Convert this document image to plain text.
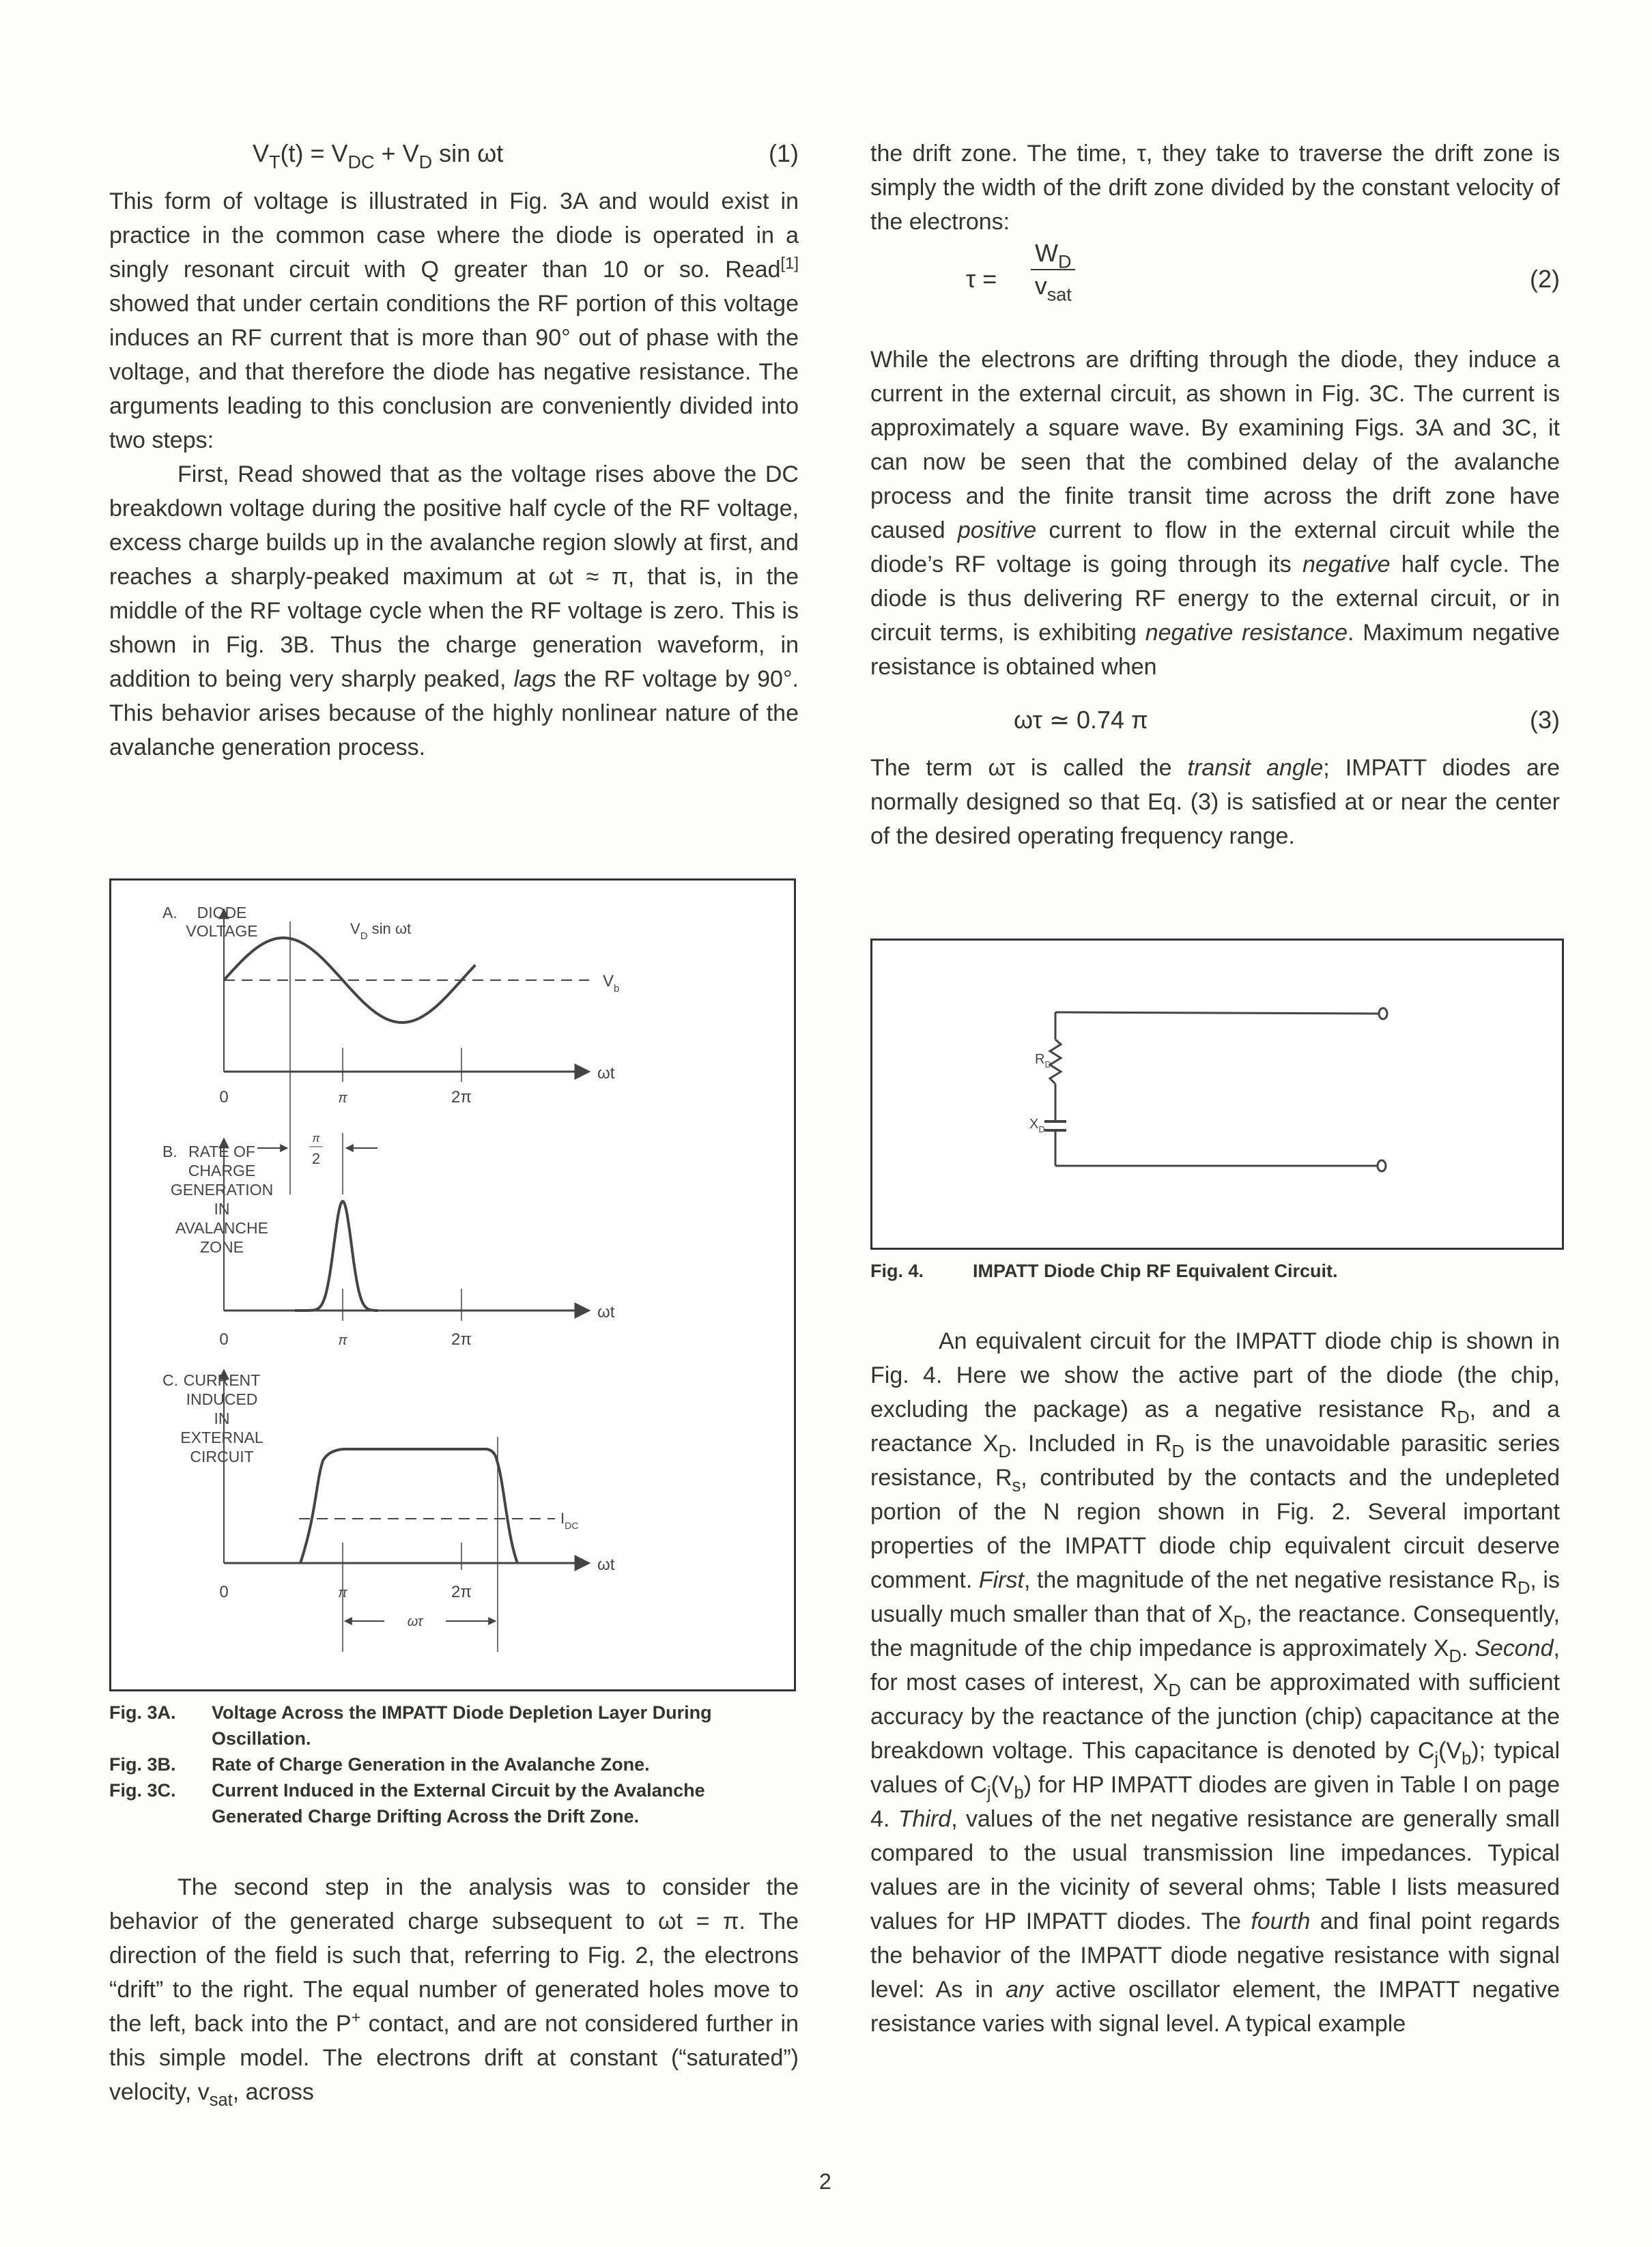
$V_T(t) = V_{DC} + V_D$ sin ωt	(1)

This form of voltage is illustrated in Fig. 3A and would exist in practice in the common case where the diode is operated in a singly resonant circuit with Q greater than 10 or so. Read[1] showed that under certain conditions the RF portion of this voltage induces an RF current that is more than 90° out of phase with the voltage, and that therefore the diode has negative resistance. The arguments leading to this conclusion are conveniently divided into two steps:

First, Read showed that as the voltage rises above the DC breakdown voltage during the positive half cycle of the RF voltage, excess charge builds up in the avalanche region slowly at first, and reaches a sharply-peaked maximum at ωt ≈ π, that is, in the middle of the RF voltage cycle when the RF voltage is zero. This is shown in Fig. 3B. Thus the charge generation waveform, in addition to being very sharply peaked, lags the RF voltage by 90°. This behavior arises because of the highly nonlinear nature of the avalanche generation process.

A. DIODE
VOLTAGE
0	π	2π
ωt
$V_D$ sin ωt
$V_b$
B. RATE OF
CHARGE
GENERATION
IN
AVALANCHE
ZONE
π
2
0	π	2π
ωt
C. CURRENT
INDUCED
IN
EXTERNAL
CIRCUIT
0	π	2π
ωt
$I_{DC}$
ωτ
Fig. 3A. Voltage Across the IMPATT Diode Depletion Layer During Oscillation.
Fig. 3B. Rate of Charge Generation in the Avalanche Zone.
Fig. 3C. Current Induced in the External Circuit by the Avalanche Generated Charge Drifting Across the Drift Zone.

The second step in the analysis was to consider the behavior of the generated charge subsequent to ωt = π. The direction of the field is such that, referring to Fig. 2, the electrons “drift” to the right. The equal number of generated holes move to the left, back into the P+ contact, and are not considered further in this simple model. The electrons drift at constant (“saturated”) velocity, $v_{sat}$, across

the drift zone. The time, τ, they take to traverse the drift zone is simply the width of the drift zone divided by the constant velocity of the electrons:

$\tau = \frac{W_D}{v_{sat}}$	(2)

While the electrons are drifting through the diode, they induce a current in the external circuit, as shown in Fig. 3C. The current is approximately a square wave. By examining Figs. 3A and 3C, it can now be seen that the combined delay of the avalanche process and the finite transit time across the drift zone have caused positive current to flow in the external circuit while the diode’s RF voltage is going through its negative half cycle. The diode is thus delivering RF energy to the external circuit, or in circuit terms, is exhibiting negative resistance. Maximum negative resistance is obtained when

ωτ ≃ 0.74 π	(3)

The term ωτ is called the transit angle; IMPATT diodes are normally designed so that Eq. (3) is satisfied at or near the center of the desired operating frequency range.

$R_D$
$X_D$
Fig. 4.	IMPATT Diode Chip RF Equivalent Circuit.

An equivalent circuit for the IMPATT diode chip is shown in Fig. 4. Here we show the active part of the diode (the chip, excluding the package) as a negative resistance $R_D$, and a reactance $X_D$. Included in $R_D$ is the unavoidable parasitic series resistance, $R_s$, contributed by the contacts and the undepleted portion of the N region shown in Fig. 2. Several important properties of the IMPATT diode chip equivalent circuit deserve comment. First, the magnitude of the net negative resistance $R_D$, is usually much smaller than that of $X_D$, the reactance. Consequently, the magnitude of the chip impedance is approximately $X_D$. Second, for most cases of interest, $X_D$ can be approximated with sufficient accuracy by the reactance of the junction (chip) capacitance at the breakdown voltage. This capacitance is denoted by $C_j(V_b)$; typical values of $C_j(V_b)$ for HP IMPATT diodes are given in Table I on page 4. Third, values of the net negative resistance are generally small compared to the usual transmission line impedances. Typical values are in the vicinity of several ohms; Table I lists measured values for HP IMPATT diodes. The fourth and final point regards the behavior of the IMPATT diode negative resistance with signal level: As in any active oscillator element, the IMPATT negative resistance varies with signal level. A typical example

2
